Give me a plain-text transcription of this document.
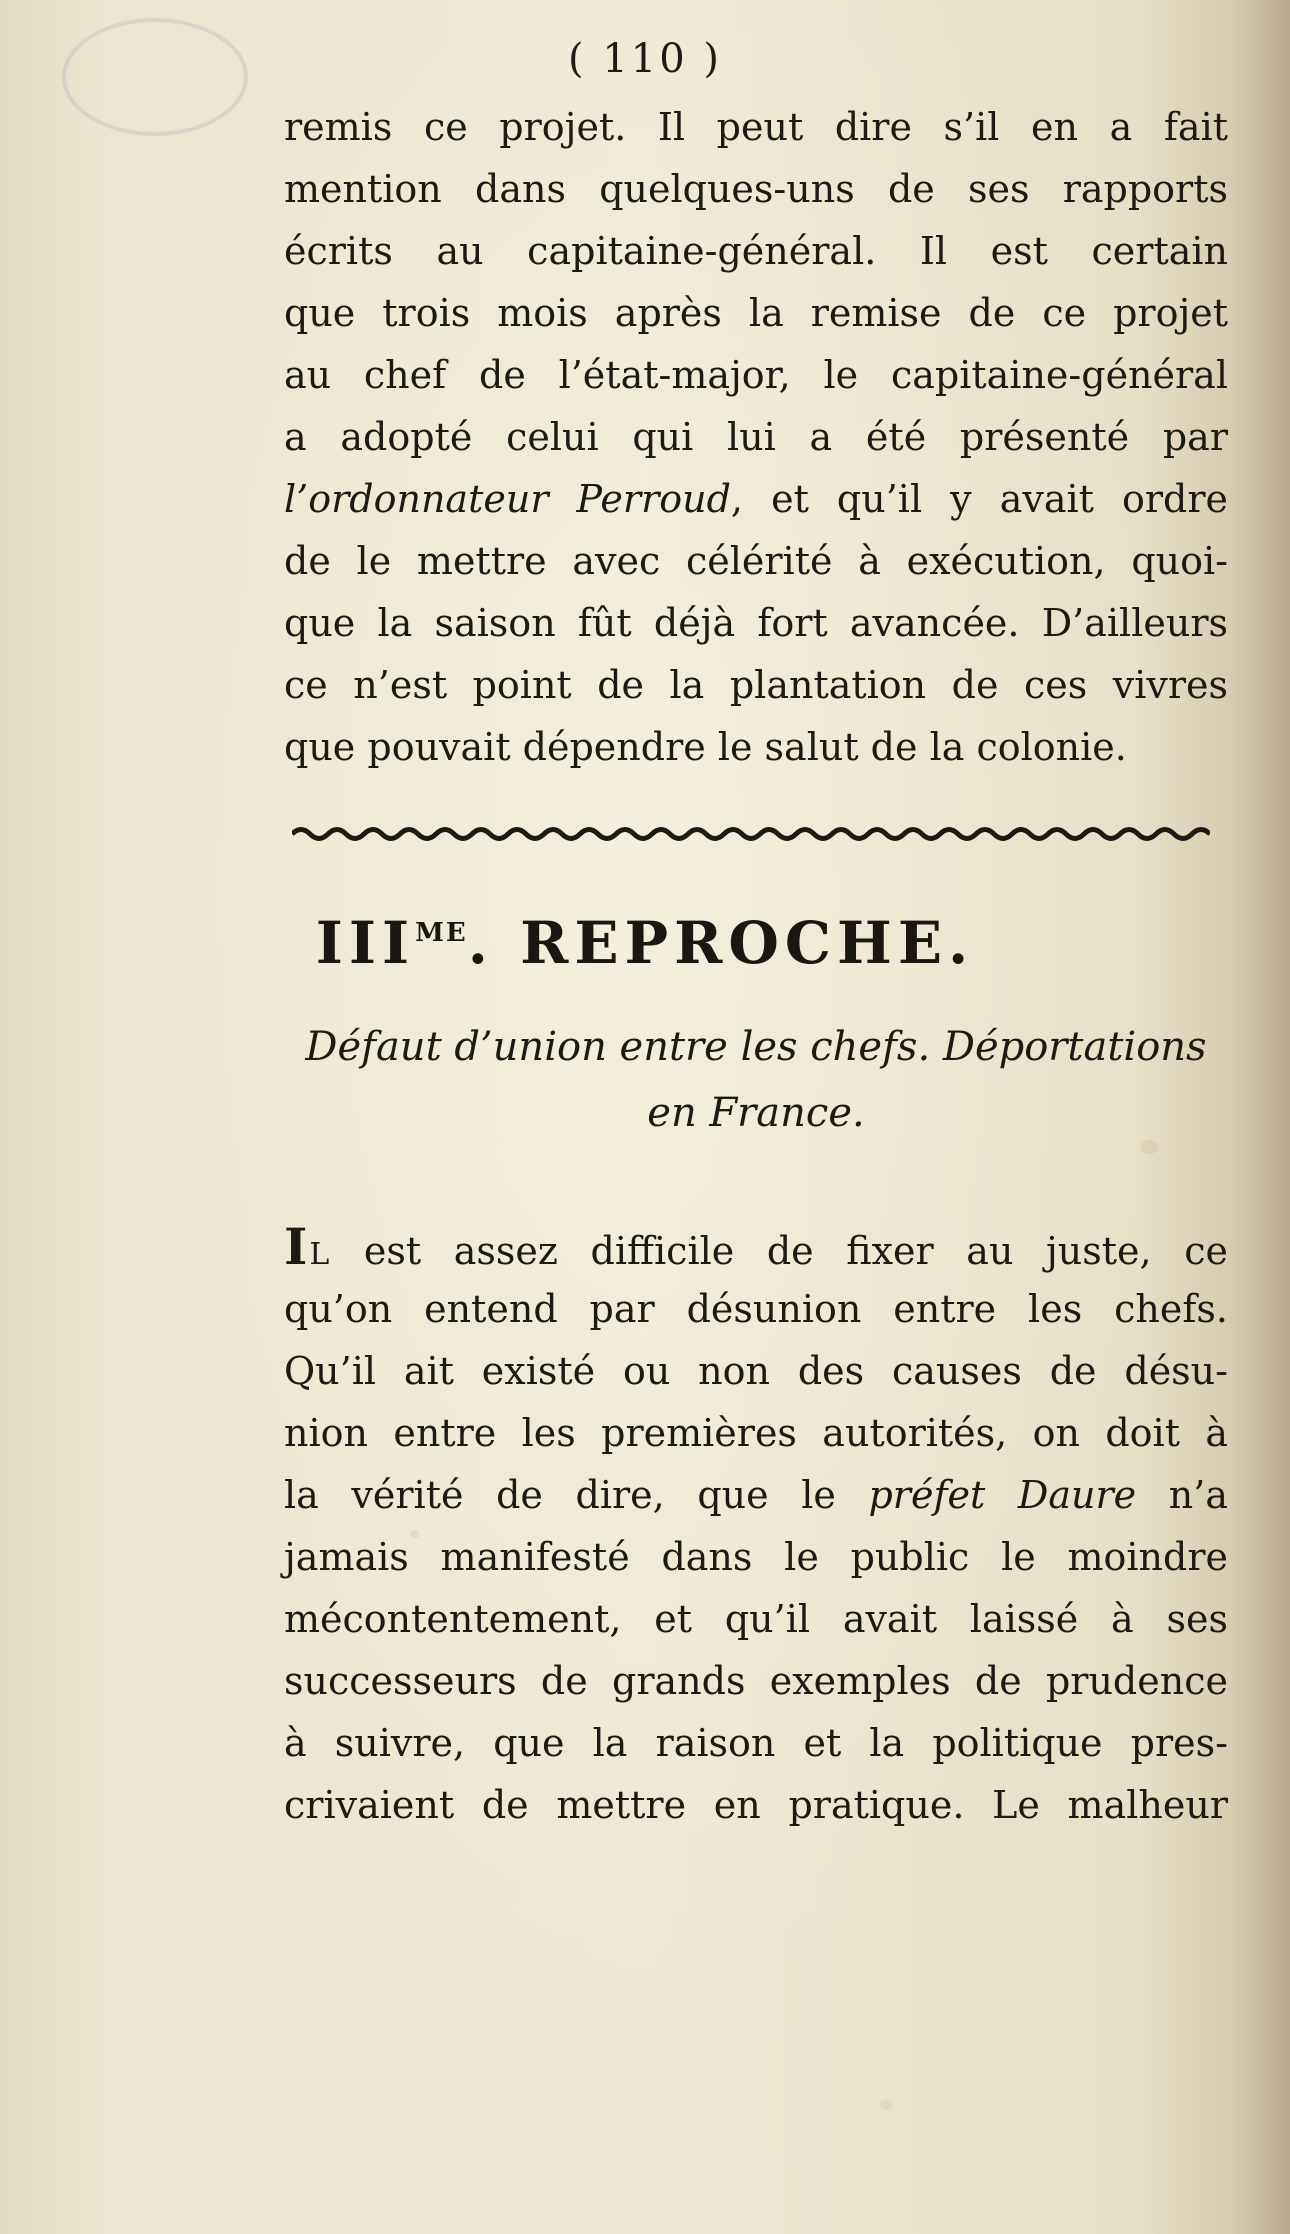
( 110 )
remis ce projet. Il peut dire s’il en a fait
mention dans quelques-uns de ses rapports
écrits au capitaine-général. Il est certain
que trois mois après la remise de ce projet
au chef de l’état-major, le capitaine-général
a adopté celui qui lui a été présenté par
l’ordonnateur Perroud, et qu’il y avait ordre
de le mettre avec célérité à exécution, quoi-
que la saison fût déjà fort avancée. D’ailleurs
ce n’est point de la plantation de ces vivres
que pouvait dépendre le salut de la colonie.
$III^{ME}$. REPROCHE.
Défaut d’union entre les chefs. Déportations
en France.
IL est assez difficile de fixer au juste, ce
qu’on entend par désunion entre les chefs.
Qu’il ait existé ou non des causes de désu-
nion entre les premières autorités, on doit à
la vérité de dire, que le préfet Daure n’a
jamais manifesté dans le public le moindre
mécontentement, et qu’il avait laissé à ses
successeurs de grands exemples de prudence
à suivre, que la raison et la politique pres-
crivaient de mettre en pratique. Le malheur
